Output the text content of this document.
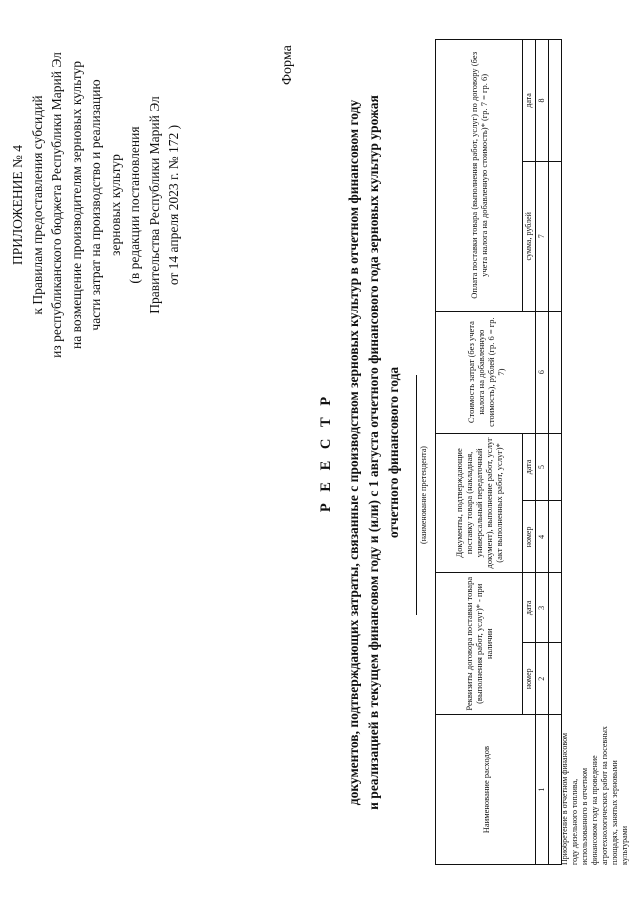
ПРИЛОЖЕНИЕ № 4 к Правилам предоставления субсидий из республиканского бюджета Республики Марий Эл на возмещение производителям зерновых культур части затрат на производство и реализацию зерновых культур (в редакции постановления Правительства Республики Марий Эл от 14 апреля 2023 г. № 172 )
Форма
Р Е Е С Т Р документов, подтверждающих затраты, связанные с производством зерновых культур в отчетном финансовом году и реализацией в текущем финансовом году и (или) с 1 августа отчетного финансового года зерновых культур урожая отчетного финансового года	(наименование претендента)
Наименование расходов	Реквизиты договора поставки товара (выполнения работ, услуг)* - при наличии		Документы, подтверждающие поставку товара (накладная, универсальный передаточный документ), выполнение работ, услуг (акт выполненных работ, услуг)*		Стоимость затрат (без учета налога на добавленную стоимость), рублей (гр. 6 = гр. 7)	Оплата поставки товара (выполнения работ, услуг) по договору (без учета налога на добавленную стоимость)* (гр. 7 = гр. 6)	
	номер	дата	номер	дата		сумма, рублей	дата
1	2	3	4	5	6	7	8

Приобретение в отчетном финансовом году дизельного топлива, использованного в отчетном финансовом году на проведение агротехнологических работ на посевных площадях, занятых зерновыми культурами
